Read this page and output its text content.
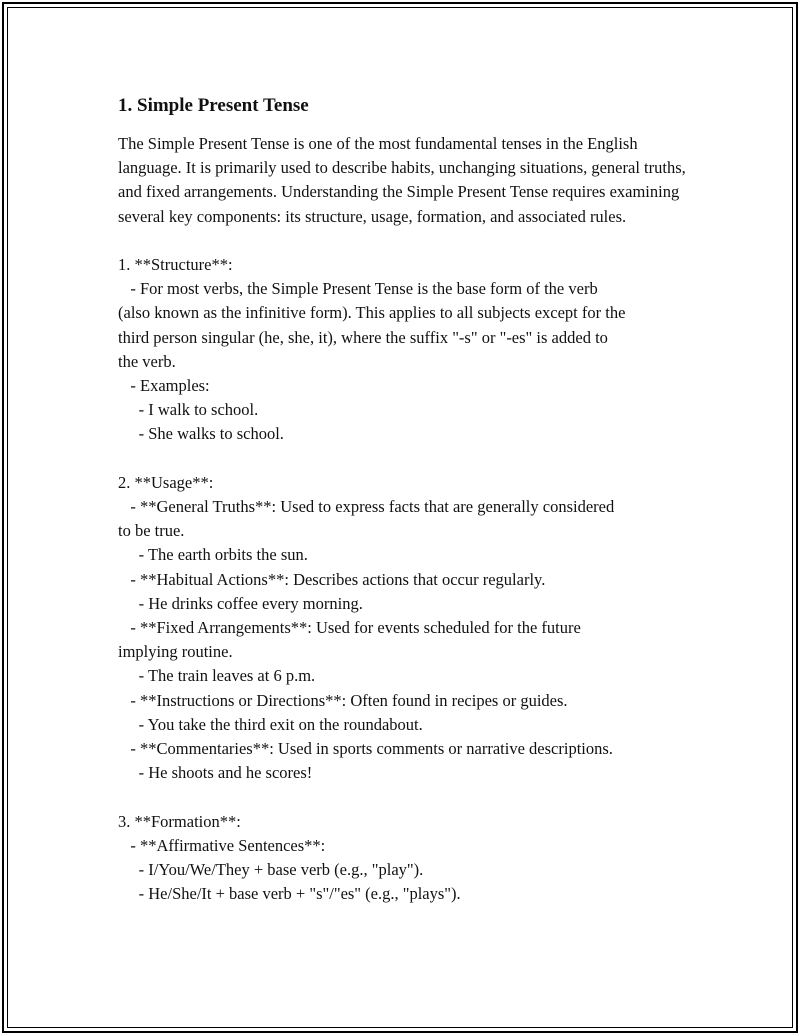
1. Simple Present Tense

The Simple Present Tense is one of the most fundamental tenses in the English language. It is primarily used to describe habits, unchanging situations, general truths, and fixed arrangements. Understanding the Simple Present Tense requires examining several key components: its structure, usage, formation, and associated rules.

1. **Structure**:
- For most verbs, the Simple Present Tense is the base form of the verb
(also known as the infinitive form). This applies to all subjects except for the
third person singular (he, she, it), where the suffix "-s" or "-es" is added to
the verb.
- Examples:
- I walk to school.
- She walks to school.
2. **Usage**:
- **General Truths**: Used to express facts that are generally considered
to be true.
- The earth orbits the sun.
- **Habitual Actions**: Describes actions that occur regularly.
- He drinks coffee every morning.
- **Fixed Arrangements**: Used for events scheduled for the future
implying routine.
- The train leaves at 6 p.m.
- **Instructions or Directions**: Often found in recipes or guides.
- You take the third exit on the roundabout.
- **Commentaries**: Used in sports comments or narrative descriptions.
- He shoots and he scores!
3. **Formation**:
- **Affirmative Sentences**:
- I/You/We/They + base verb (e.g., "play").
- He/She/It + base verb + "s"/"es" (e.g., "plays").
